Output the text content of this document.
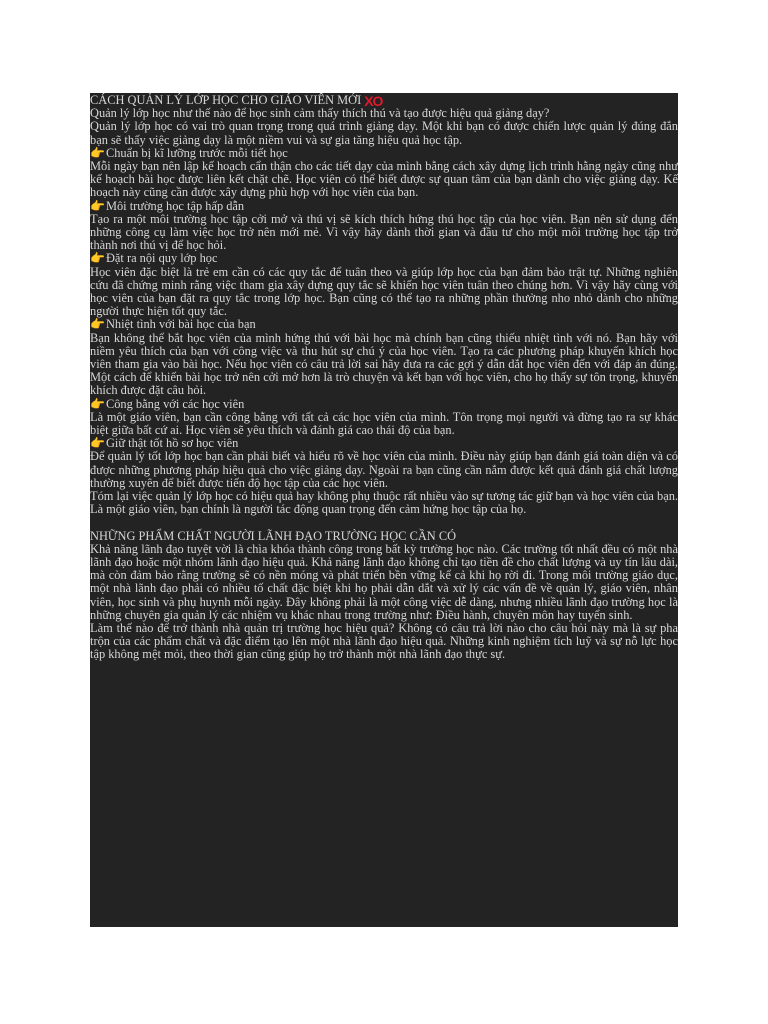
CÁCH QUẢN LÝ LỚP HỌC CHO GIÁO VIÊN MỚI XO

Quản lý lớp học như thế nào để học sinh cảm thấy thích thú và tạo được hiệu quả giảng dạy?

Quản lý lớp học có vai trò quan trọng trong quá trình giảng dạy. Một khi bạn có được chiến lược quản lý đúng đắn bạn sẽ thấy việc giảng dạy là một niềm vui và sự gia tăng hiệu quả học tập.

👉 Chuẩn bị kĩ lưỡng trước mỗi tiết học

Mỗi ngày bạn nên lập kế hoạch cẩn thận cho các tiết dạy của mình bằng cách xây dựng lịch trình hằng ngày cũng như kế hoạch bài học được liên kết chặt chẽ. Học viên có thể biết được sự quan tâm của bạn dành cho việc giảng dạy. Kế hoạch này cũng cần được xây dựng phù hợp với học viên của bạn.

👉 Môi trường học tập hấp dẫn

Tạo ra một môi trường học tập cởi mở và thú vị sẽ kích thích hứng thú học tập của học viên. Bạn nên sử dụng đến những công cụ làm việc học trở nên mới mẻ. Vì vậy hãy dành thời gian và đầu tư cho một môi trường học tập trở thành nơi thú vị để học hỏi.

👉 Đặt ra nội quy lớp học

Học viên đặc biệt là trẻ em cần có các quy tắc để tuân theo và giúp lớp học của bạn đảm bảo trật tự. Những nghiên cứu đã chứng minh rằng việc tham gia xây dựng quy tắc sẽ khiến học viên tuân theo chúng hơn. Vì vậy hãy cùng với học viên của bạn đặt ra quy tắc trong lớp học. Bạn cũng có thể tạo ra những phần thưởng nho nhỏ dành cho những người thực hiện tốt quy tắc.

👉 Nhiệt tình với bài học của bạn

Bạn không thể bắt học viên của mình hứng thú với bài học mà chính bạn cũng thiếu nhiệt tình với nó. Bạn hãy với niềm yêu thích của bạn với công việc và thu hút sự chú ý của học viên. Tạo ra các phương pháp khuyến khích học viên tham gia vào bài học. Nếu học viên có câu trả lời sai hãy đưa ra các gợi ý dẫn dắt học viên đến với đáp án đúng. Một cách để khiến bài học trở nên cởi mở hơn là trò chuyện và kết bạn với học viên, cho họ thấy sự tôn trọng, khuyến khích được đặt câu hỏi.

👉 Công bằng với các học viên

Là một giáo viên, bạn cần công bằng với tất cả các học viên của mình. Tôn trọng mọi người và đừng tạo ra sự khác biệt giữa bất cứ ai. Học viên sẽ yêu thích và đánh giá cao thái độ của bạn.

👉 Giữ thật tốt hồ sơ học viên

Để quản lý tốt lớp học bạn cần phải biết và hiểu rõ về học viên của mình. Điều này giúp bạn đánh giá toàn diện và có được những phương pháp hiệu quả cho việc giảng dạy. Ngoài ra bạn cũng cần nắm được kết quả đánh giá chất lượng thường xuyên để biết được tiến độ học tập của các học viên.

Tóm lại việc quản lý lớp học có hiệu quả hay không phụ thuộc rất nhiều vào sự tương tác giữ bạn và học viên của bạn. Là một giáo viên, bạn chính là người tác động quan trọng đến cảm hứng học tập của họ.

NHỮNG PHẨM CHẤT NGƯỜI LÃNH ĐẠO TRƯỜNG HỌC CẦN CÓ

Khả năng lãnh đạo tuyệt vời là chìa khóa thành công trong bất kỳ trường học nào. Các trường tốt nhất đều có một nhà lãnh đạo hoặc một nhóm lãnh đạo hiệu quả. Khả năng lãnh đạo không chỉ tạo tiền đề cho chất lượng và uy tín lâu dài, mà còn đảm bảo rằng trường sẽ có nền móng và phát triển bền vững kể cả khi họ rời đi. Trong môi trường giáo dục, một nhà lãnh đạo phải có nhiều tố chất đặc biệt khi họ phải dẫn dắt và xử lý các vấn đề về quản lý, giáo viên, nhân viên, học sinh và phụ huynh mỗi ngày. Đây không phải là một công việc dễ dàng, nhưng nhiều lãnh đạo trường học là những chuyên gia quản lý các nhiệm vụ khác nhau trong trường như: Điều hành, chuyên môn hay tuyển sinh.

Làm thế nào để trở thành nhà quản trị trường học hiệu quả? Không có câu trả lời nào cho câu hỏi này mà là sự pha trộn của các phẩm chất và đặc điểm tạo lên một nhà lãnh đạo hiệu quả. Những kinh nghiệm tích luỹ và sự nỗ lực học tập không mệt mỏi, theo thời gian cũng giúp họ trở thành một nhà lãnh đạo thực sự.
